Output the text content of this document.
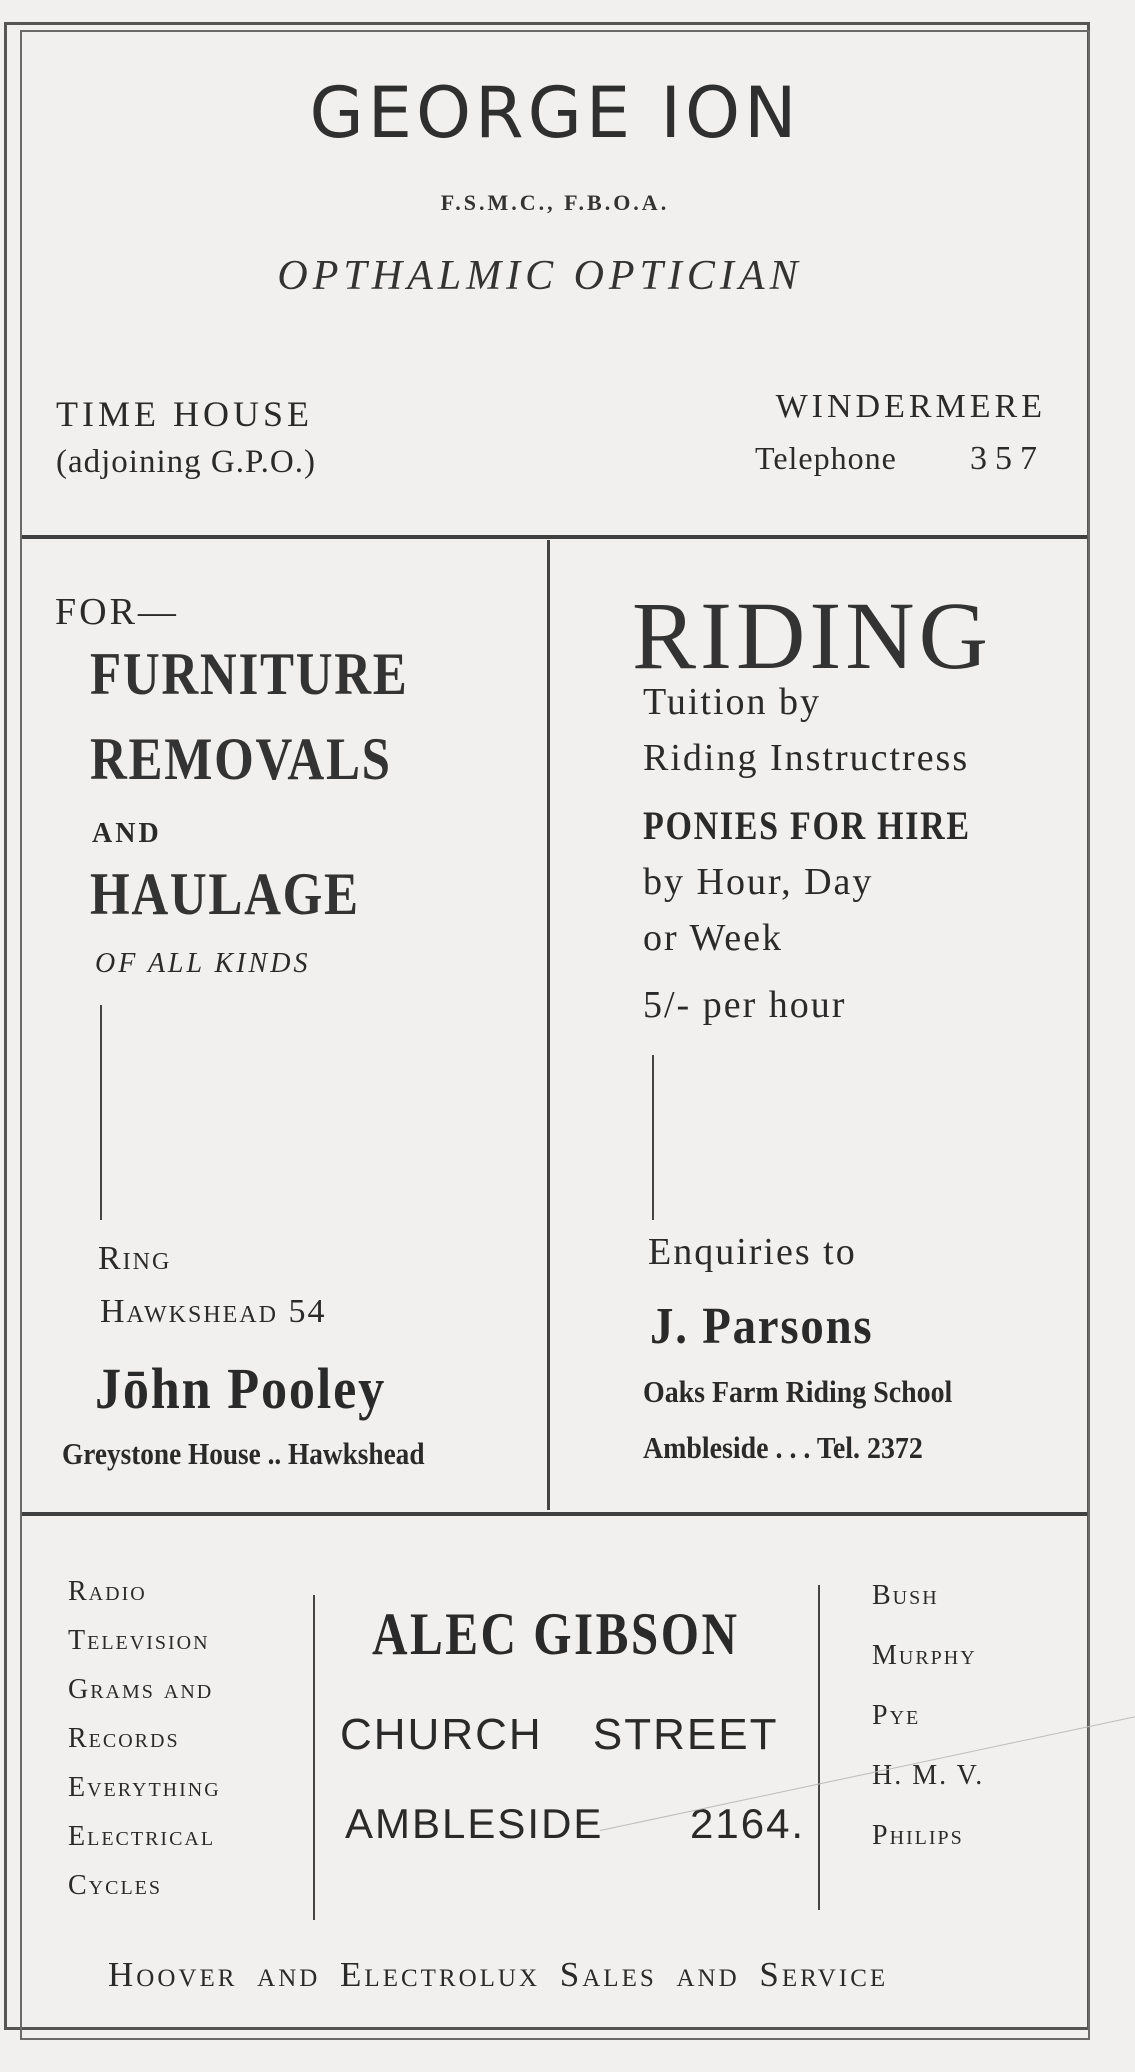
GEORGE ION
F.S.M.C., F.B.O.A.
OPTHALMIC OPTICIAN
TIME HOUSE
(adjoining G.P.O.)
WINDERMERE
Telephone 357
FOR—
FURNITURE
REMOVALS
AND
HAULAGE
OF ALL KINDS
Ring
Hawkshead 54
Jōhn Pooley
Greystone House .. Hawkshead
RIDING
Tuition by
Riding Instructress
PONIES FOR HIRE
by Hour, Day
or Week
5/- per hour
Enquiries to
J. Parsons
Oaks Farm Riding School
Ambleside . . . Tel. 2372
Radio
Television
Grams and
Records
Everything
Electrical
Cycles
ALEC GIBSON
CHURCH STREET
AMBLESIDE 2164.
Bush
Murphy
Pye
H. M. V.
Philips
Hoover and Electrolux Sales and Service
